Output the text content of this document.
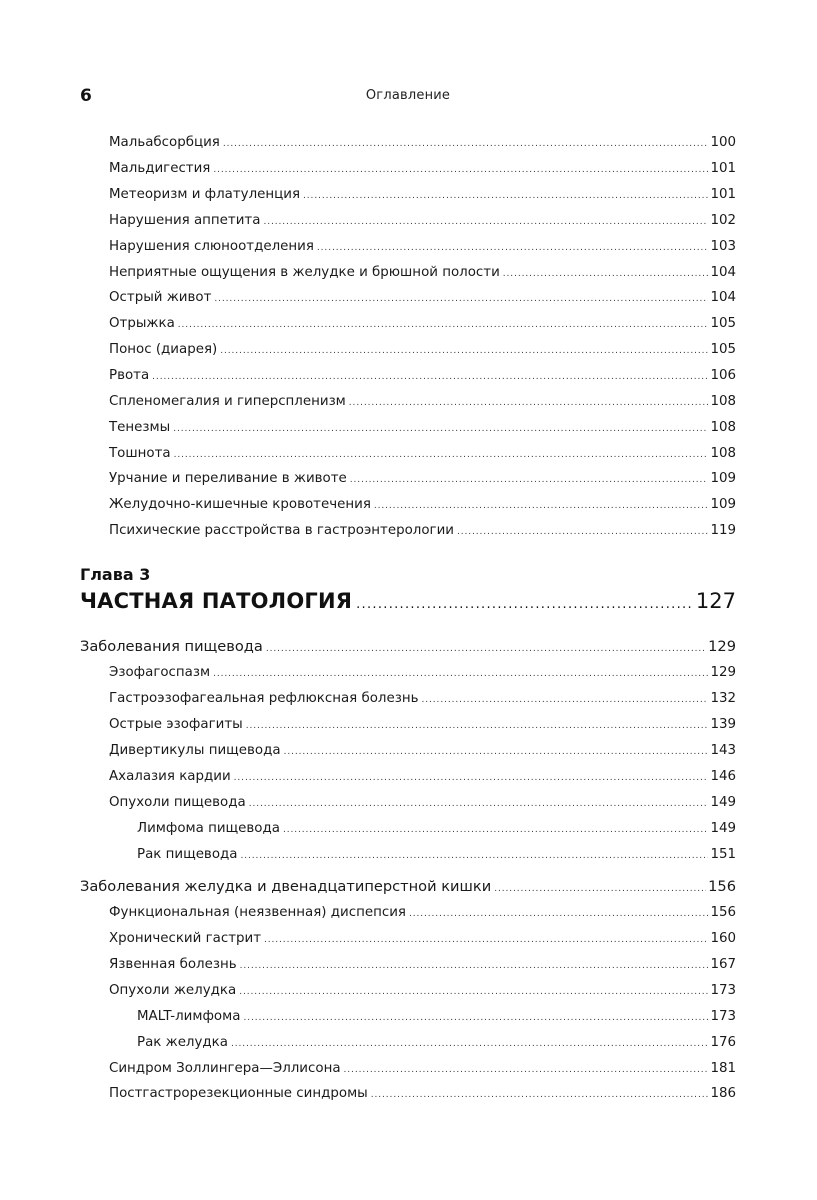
6	Оглавление
Мальабсорбция .....	100
Мальдигестия .....	101
Метеоризм и флатуленция .....	101
Нарушения аппетита .....	102
Нарушения слюноотделения .....	103
Неприятные ощущения в желудке и брюшной полости .....	104
Острый живот .....	104
Отрыжка .....	105
Понос (диарея) .....	105
Рвота .....	106
Спленомегалия и гиперспленизм .....	108
Тенезмы .....	108
Тошнота .....	108
Урчание и переливание в животе .....	109
Желудочно-кишечные кровотечения .....	109
Психические расстройства в гастроэнтерологии .....	119
Глава 3
ЧАСТНАЯ ПАТОЛОГИЯ .....	127
Заболевания пищевода .....	129
Эзофагоспазм .....	129
Гастроэзофагеальная рефлюксная болезнь .....	132
Острые эзофагиты .....	139
Дивертикулы пищевода .....	143
Ахалазия кардии .....	146
Опухоли пищевода .....	149
Лимфома пищевода .....	149
Рак пищевода .....	151
Заболевания желудка и двенадцатиперстной кишки .....	156
Функциональная (неязвенная) диспепсия .....	156
Хронический гастрит .....	160
Язвенная болезнь .....	167
Опухоли желудка .....	173
MALT-лимфома .....	173
Рак желудка .....	176
Синдром Золлингера—Эллисона .....	181
Постгастрорезекционные синдромы .....	186
